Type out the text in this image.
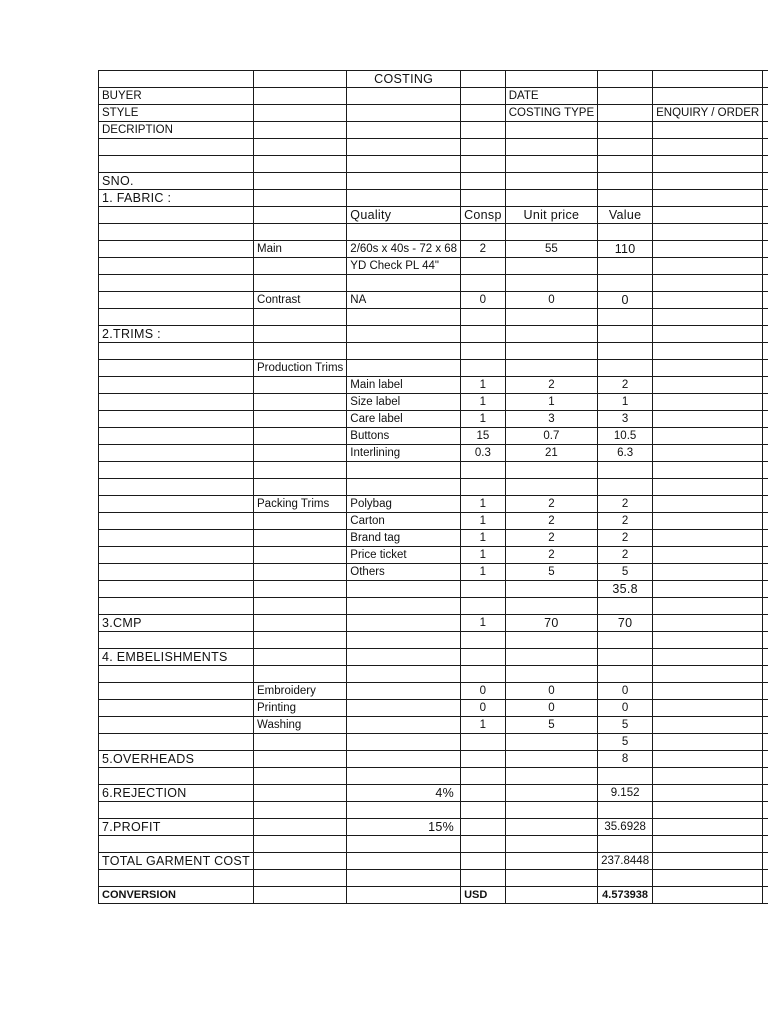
		COSTING					
BUYER				DATE			
STYLE				COSTING TYPE		ENQUIRY / ORDER	
DECRIPTION							

SNO.							
1. FABRIC :							
		Quality	Consp	Unit price	Value		

	Main	2/60s x 40s - 72 x 68	2	55	110		
		YD Check PL 44"					

	Contrast	NA	0	0	0		

2.TRIMS :							

	Production Trims						
		Main label	1	2	2		
		Size label	1	1	1		
		Care label	1	3	3		
		Buttons	15	0.7	10.5		
		Interlining	0.3	21	6.3		

	Packing Trims	Polybag	1	2	2		
		Carton	1	2	2		
		Brand tag	1	2	2		
		Price ticket	1	2	2		
		Others	1	5	5		
					35.8		

3.CMP			1	70	70		

4. EMBELISHMENTS							

	Embroidery		0	0	0		
	Printing		0	0	0		
	Washing		1	5	5		
					5		
5.OVERHEADS					8		

6.REJECTION		4%			9.152		

7.PROFIT		15%			35.6928		

TOTAL GARMENT COST					237.8448		

CONVERSION			USD		4.573938		
